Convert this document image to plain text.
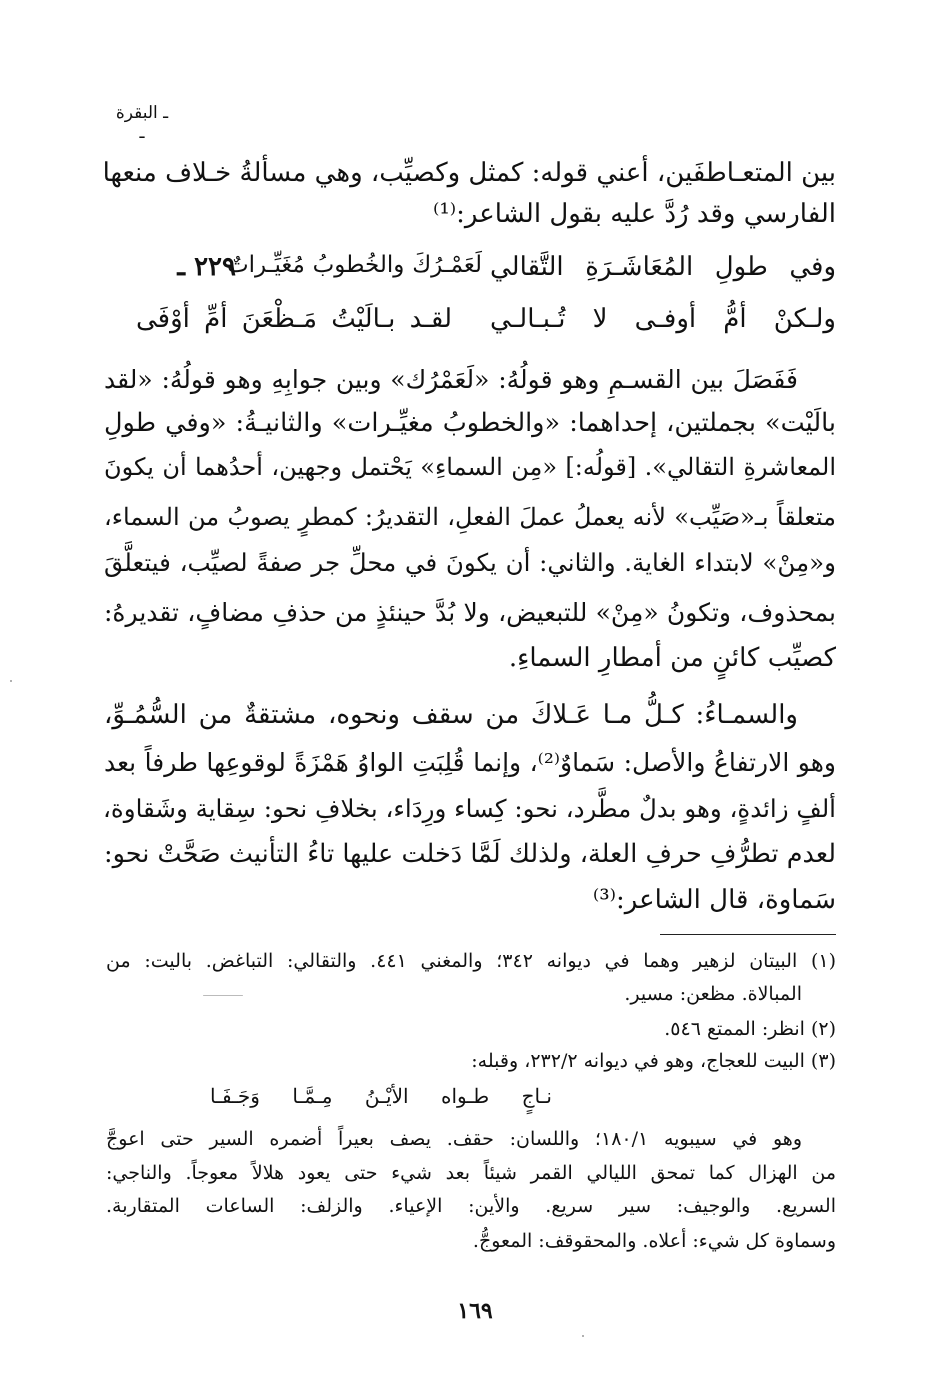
ـ البقرة ـ
بين المتعـاطفَين، أعني قوله: كمثل وكصيِّب، وهي مسألةُ خـلاف منعها
الفارسي وقد رُدَّ عليه بقول الشاعر:⁽¹⁾
٢٢٩ ـ
لَعَمْـرُكَ والخُطوبُ مُغَيِّـراتٌ وفي طولِ المُعَاشَـرَةِ التَّقالي
لقـد بـالَيْتُ مَـظْعَنَ أمِّ أوْفَى ولـكنْ أمُّ أوفـى لا تُـبـالـي
فَفَصَلَ بين القسـمِ وهو قولُهُ: «لَعَمْرُك» وبين جوابِهِ وهو قولُهُ: «لقد
بالَيْت» بجملتين، إحداهما: «والخطوبُ مغيِّـرات» والثانيـةُ: «وفي طولِ
المعاشرةِ التقالي». [قولُه:] «مِن السماءِ» يَحْتمل وجهين، أحدُهما أن يكونَ
متعلقاً بـ«صَيِّب» لأنه يعملُ عملَ الفعلِ، التقديرُ: كمطرٍ يصوبُ من السماء،
و«مِنْ» لابتداء الغاية. والثاني: أن يكونَ في محلِّ جر صفةً لصيِّب، فيتعلَّقَ
بمحذوف، وتكونُ «مِنْ» للتبعيض، ولا بُدَّ حينئذٍ من حذفِ مضافٍ، تقديرهُ:
كصيِّب كائنٍ من أمطارِ السماءِ.
والسمـاءُ: كـلُّ مـا عَـلاكَ من سقف ونحوه، مشتقةٌ من السُّمُـوِّ،
وهو الارتفاعُ والأصل: سَماوٌ⁽²⁾، وإنما قُلِبَتِ الواوُ هَمْزَةً لوقوعِها طرفاً بعد
ألفٍ زائدةٍ، وهو بدلٌ مطَّرد، نحو: كِساء ورِدَاء، بخلافِ نحو: سِقاية وشَقاوة،
لعدم تطرُّفِ حرفِ العلة، ولذلك لَمَّا دَخلت عليها تاءُ التأنيث صَحَّتْ نحو:
سَماوة، قال الشاعر:⁽³⁾
(١) البيتان لزهير وهما في ديوانه ٣٤٢؛ والمغني ٤٤١. والتقالي: التباغض. باليت: من
المبالاة. مظعن: مسير.
(٢) انظر: الممتع ٥٤٦.
(٣) البيت للعجاج، وهو في ديوانه ٢٣٢/٢، وقبله:
نـاجٍ طـواه الأيْـنُ مِـمَّـا وَجَـفَـا
وهو في سيبويه ١٨٠/١؛ واللسان: حقف. يصف بعيراً أضمره السير حتى اعوجَّ
من الهزال كما تمحق الليالي القمر شيئاً بعد شيء حتى يعود هلالاً معوجاً. والناجي:
السريع. والوجيف: سير سريع. والأين: الإعياء. والزلف: الساعات المتقاربة.
وسماوة كل شيء: أعلاه. والمحقوقف: المعوجُّ.
١٦٩
